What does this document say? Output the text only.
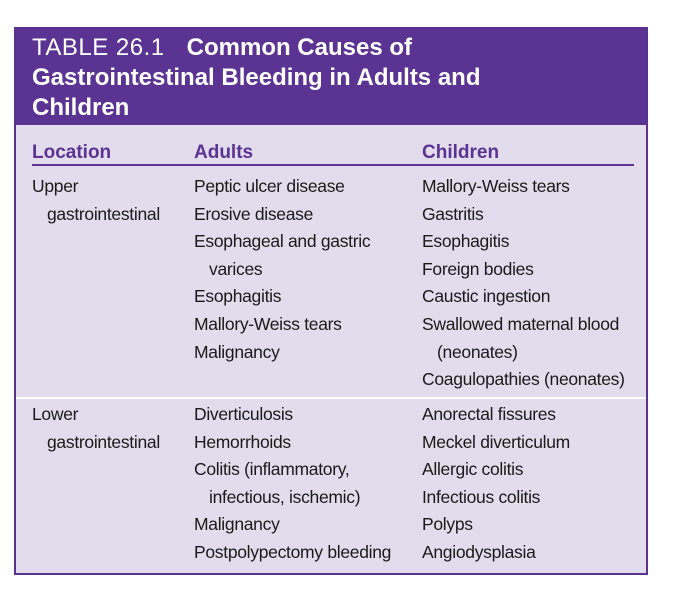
TABLE 26.1 Common Causes of
Gastrointestinal Bleeding in Adults and
Children
Location	Adults	Children
Upper
gastrointestinal
Peptic ulcer disease
Erosive disease
Esophageal and gastric
varices
Esophagitis
Mallory-Weiss tears
Malignancy
Mallory-Weiss tears
Gastritis
Esophagitis
Foreign bodies
Caustic ingestion
Swallowed maternal blood
(neonates)
Coagulopathies (neonates)
Lower
gastrointestinal
Diverticulosis
Hemorrhoids
Colitis (inflammatory,
infectious, ischemic)
Malignancy
Postpolypectomy bleeding
Anorectal fissures
Meckel diverticulum
Allergic colitis
Infectious colitis
Polyps
Angiodysplasia
